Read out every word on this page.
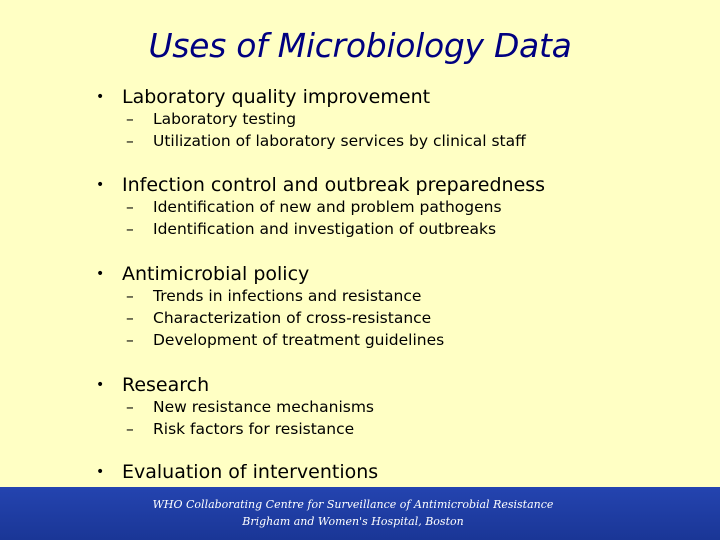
Uses of Microbiology Data
• Laboratory quality improvement
–	Laboratory testing
–	Utilization of laboratory services by clinical staff
• Infection control and outbreak preparedness
–	Identification of new and problem pathogens
–	Identification and investigation of outbreaks
• Antimicrobial policy
–	Trends in infections and resistance
–	Characterization of cross-resistance
–	Development of treatment guidelines
• Research
–	New resistance mechanisms
–	Risk factors for resistance
• Evaluation of interventions
WHO Collaborating Centre for Surveillance of Antimicrobial Resistance
Brigham and Women's Hospital, Boston
